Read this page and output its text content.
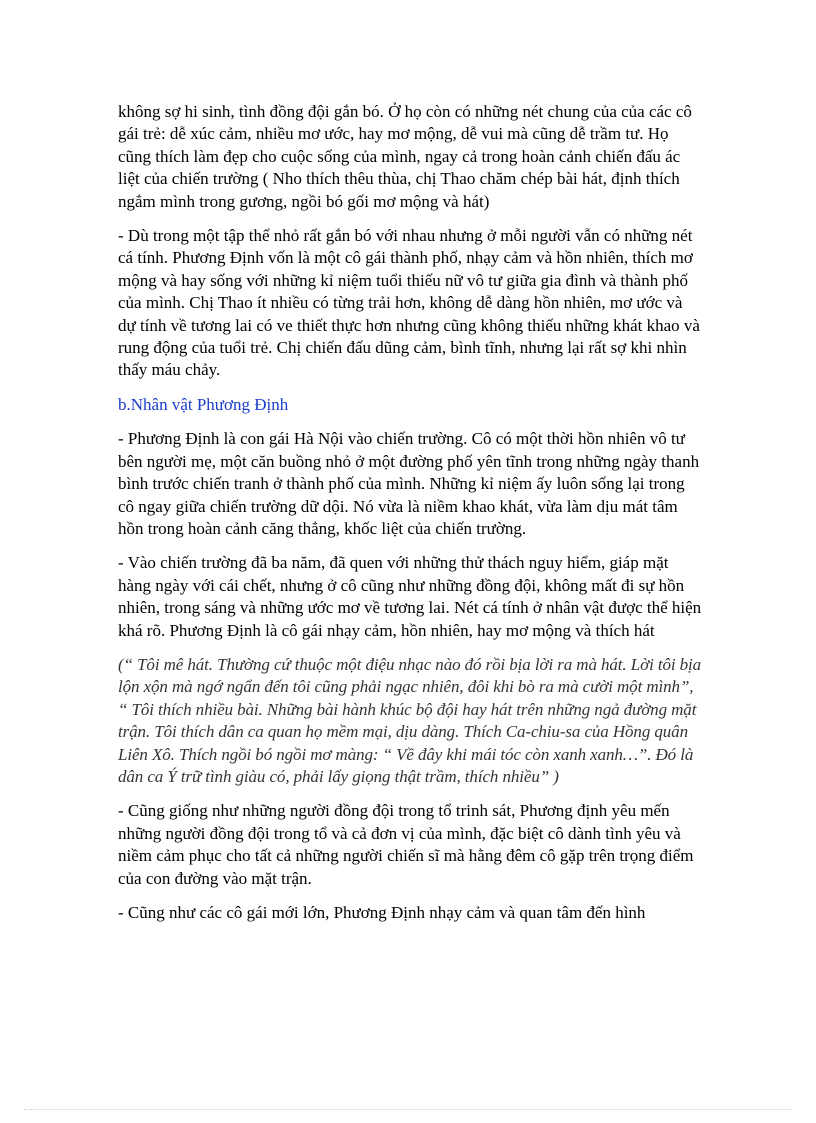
không sợ hi sinh, tình đồng đội gắn bó. Ở họ còn có những nét chung của của các cô gái trẻ: dễ xúc cảm, nhiều mơ ước, hay mơ mộng, dễ vui mà cũng dễ trầm tư. Họ cũng thích làm đẹp cho cuộc sống của mình, ngay cả trong hoàn cảnh chiến đấu ác liệt của chiến trường ( Nho thích thêu thùa, chị Thao chăm chép bài hát, định thích ngắm mình trong gương, ngồi bó gối mơ mộng và hát)

- Dù trong một tập thể nhỏ rất gắn bó với nhau nhưng ở mỗi người vẫn có những nét cá tính. Phương Định vốn là một cô gái thành phố, nhạy cảm và hồn nhiên, thích mơ mộng và hay sống với những kỉ niệm tuổi thiếu nữ vô tư giữa gia đình và thành phố của mình. Chị Thao ít nhiều có từng trải hơn, không dễ dàng hồn nhiên, mơ ước và dự tính về tương lai có ve thiết thực hơn nhưng cũng không thiếu những khát khao và rung động của tuổi trẻ. Chị chiến đấu dũng cảm, bình tĩnh, nhưng lại rất sợ khi nhìn thấy máu chảy.

b.Nhân vật Phương Định

- Phương Định là con gái Hà Nội vào chiến trường. Cô có một thời hồn nhiên vô tư bên người mẹ, một căn buồng nhỏ ở một đường phố yên tĩnh trong những ngày thanh bình trước chiến tranh ở thành phố của mình. Những kỉ niệm ấy luôn sống lại trong cô ngay giữa chiến trường dữ dội. Nó vừa là niềm khao khát, vừa làm dịu mát tâm hồn trong hoàn cảnh căng thẳng, khốc liệt của chiến trường.

- Vào chiến trường đã ba năm, đã quen với những thử thách nguy hiểm, giáp mặt hàng ngày với cái chết, nhưng ở cô cũng như những đồng đội, không mất đi sự hồn nhiên, trong sáng và những ước mơ về tương lai. Nét cá tính ở nhân vật được thể hiện khá rõ. Phương Định là cô gái nhạy cảm, hồn nhiên, hay mơ mộng và thích hát

(“ Tôi mê hát. Thường cứ thuộc một điệu nhạc nào đó rồi bịa lời ra mà hát. Lời tôi bịa lộn xộn mà ngớ ngẩn đến tôi cũng phải ngạc nhiên, đôi khi bò ra mà cười một mình”, “ Tôi thích nhiều bài. Những bài hành khúc bộ đội hay hát trên những ngả đường mặt trận. Tôi thích dân ca quan họ mềm mại, dịu dàng. Thích Ca-chiu-sa của Hồng quân Liên Xô. Thích ngồi bó ngồi mơ màng: “ Về đây khi mái tóc còn xanh xanh…”. Đó là dân ca Ý trữ tình giàu có, phải lấy giọng thật trầm, thích nhiều” )

- Cũng giống như những người đồng đội trong tổ trinh sát, Phương định yêu mến những người đồng đội trong tổ và cả đơn vị của mình, đặc biệt cô dành tình yêu và niềm cảm phục cho tất cả những người chiến sĩ mà hằng đêm cô gặp trên trọng điểm của con đường vào mặt trận.

- Cũng như các cô gái mới lớn, Phương Định nhạy cảm và quan tâm đến hình
